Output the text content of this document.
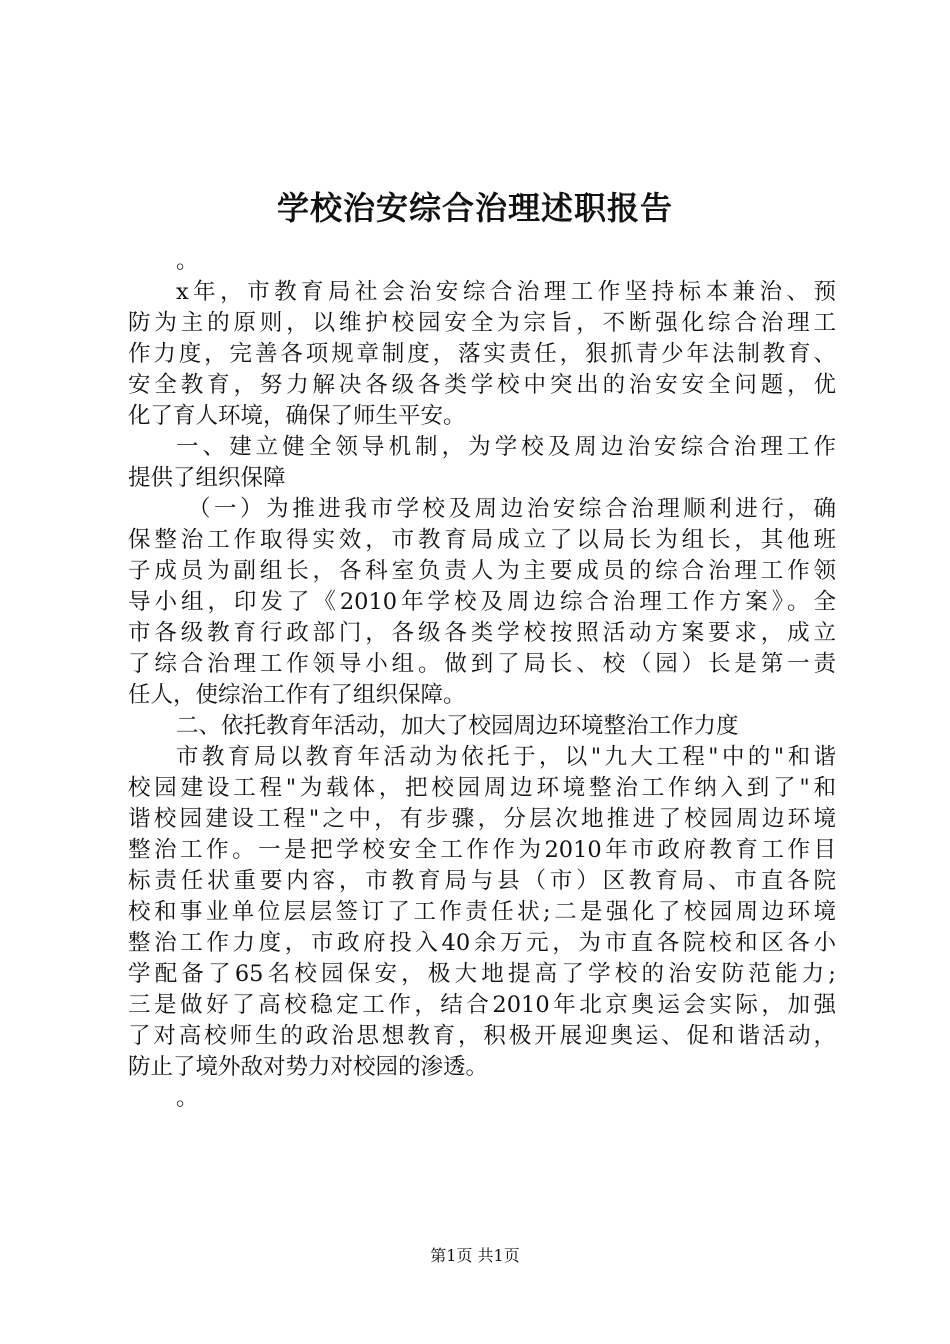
学校治安综合治理述职报告
。
x年，市教育局社会治安综合治理工作坚持标本兼治、预
防为主的原则，以维护校园安全为宗旨，不断强化综合治理工
作力度，完善各项规章制度，落实责任，狠抓青少年法制教育、
安全教育，努力解决各级各类学校中突出的治安安全问题，优
化了育人环境，确保了师生平安。
一、建立健全领导机制，为学校及周边治安综合治理工作
提供了组织保障
（一）为推进我市学校及周边治安综合治理顺利进行，确
保整治工作取得实效，市教育局成立了以局长为组长，其他班
子成员为副组长，各科室负责人为主要成员的综合治理工作领
导小组，印发了《2010年学校及周边综合治理工作方案》。全
市各级教育行政部门，各级各类学校按照活动方案要求，成立
了综合治理工作领导小组。做到了局长、校（园）长是第一责
任人，使综治工作有了组织保障。
二、依托教育年活动，加大了校园周边环境整治工作力度
市教育局以教育年活动为依托于，以"九大工程"中的"和谐
校园建设工程"为载体，把校园周边环境整治工作纳入到了"和
谐校园建设工程"之中，有步骤，分层次地推进了校园周边环境
整治工作。一是把学校安全工作作为2010年市政府教育工作目
标责任状重要内容，市教育局与县（市）区教育局、市直各院
校和事业单位层层签订了工作责任状;二是强化了校园周边环境
整治工作力度，市政府投入40余万元，为市直各院校和区各小
学配备了65名校园保安，极大地提高了学校的治安防范能力;
三是做好了高校稳定工作，结合2010年北京奥运会实际，加强
了对高校师生的政治思想教育，积极开展迎奥运、促和谐活动，
防止了境外敌对势力对校园的渗透。
。
第1页 共1页
